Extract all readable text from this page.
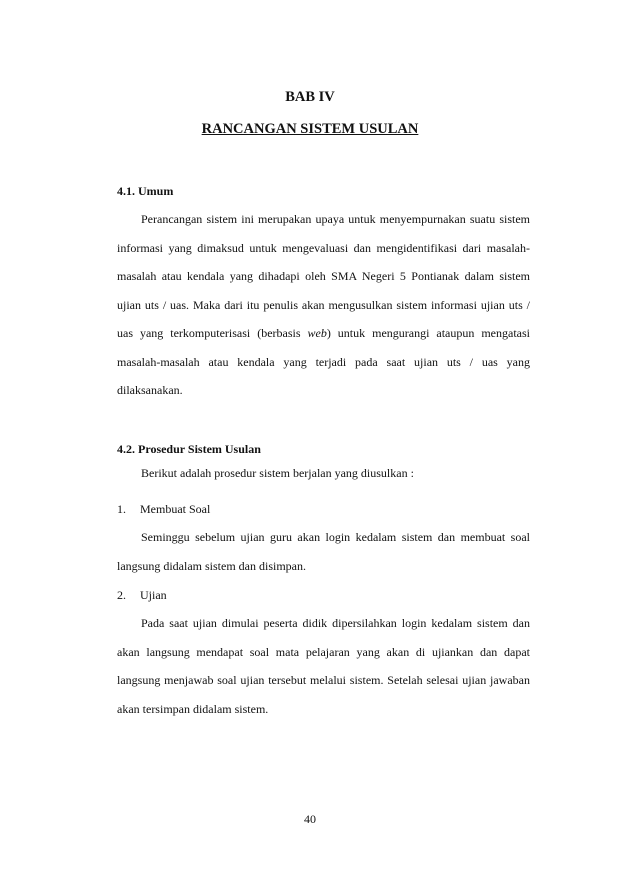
BAB IV
RANCANGAN SISTEM USULAN
4.1. Umum

Perancangan sistem ini merupakan upaya untuk menyempurnakan suatu sistem informasi yang dimaksud untuk mengevaluasi dan mengidentifikasi dari masalah-masalah atau kendala yang dihadapi oleh SMA Negeri 5 Pontianak dalam sistem ujian uts / uas. Maka dari itu penulis akan mengusulkan sistem informasi ujian uts / uas yang terkomputerisasi (berbasis web) untuk mengurangi ataupun mengatasi masalah-masalah atau kendala yang terjadi pada saat ujian uts / uas yang dilaksanakan.

4.2. Prosedur Sistem Usulan

Berikut adalah prosedur sistem berjalan yang diusulkan :

1. Membuat Soal

Seminggu sebelum ujian guru akan login kedalam sistem dan membuat soal langsung didalam sistem dan disimpan.

2. Ujian

Pada saat ujian dimulai peserta didik dipersilahkan login kedalam sistem dan akan langsung mendapat soal mata pelajaran yang akan di ujiankan dan dapat langsung menjawab soal ujian tersebut melalui sistem. Setelah selesai ujian jawaban akan tersimpan didalam sistem.

40
